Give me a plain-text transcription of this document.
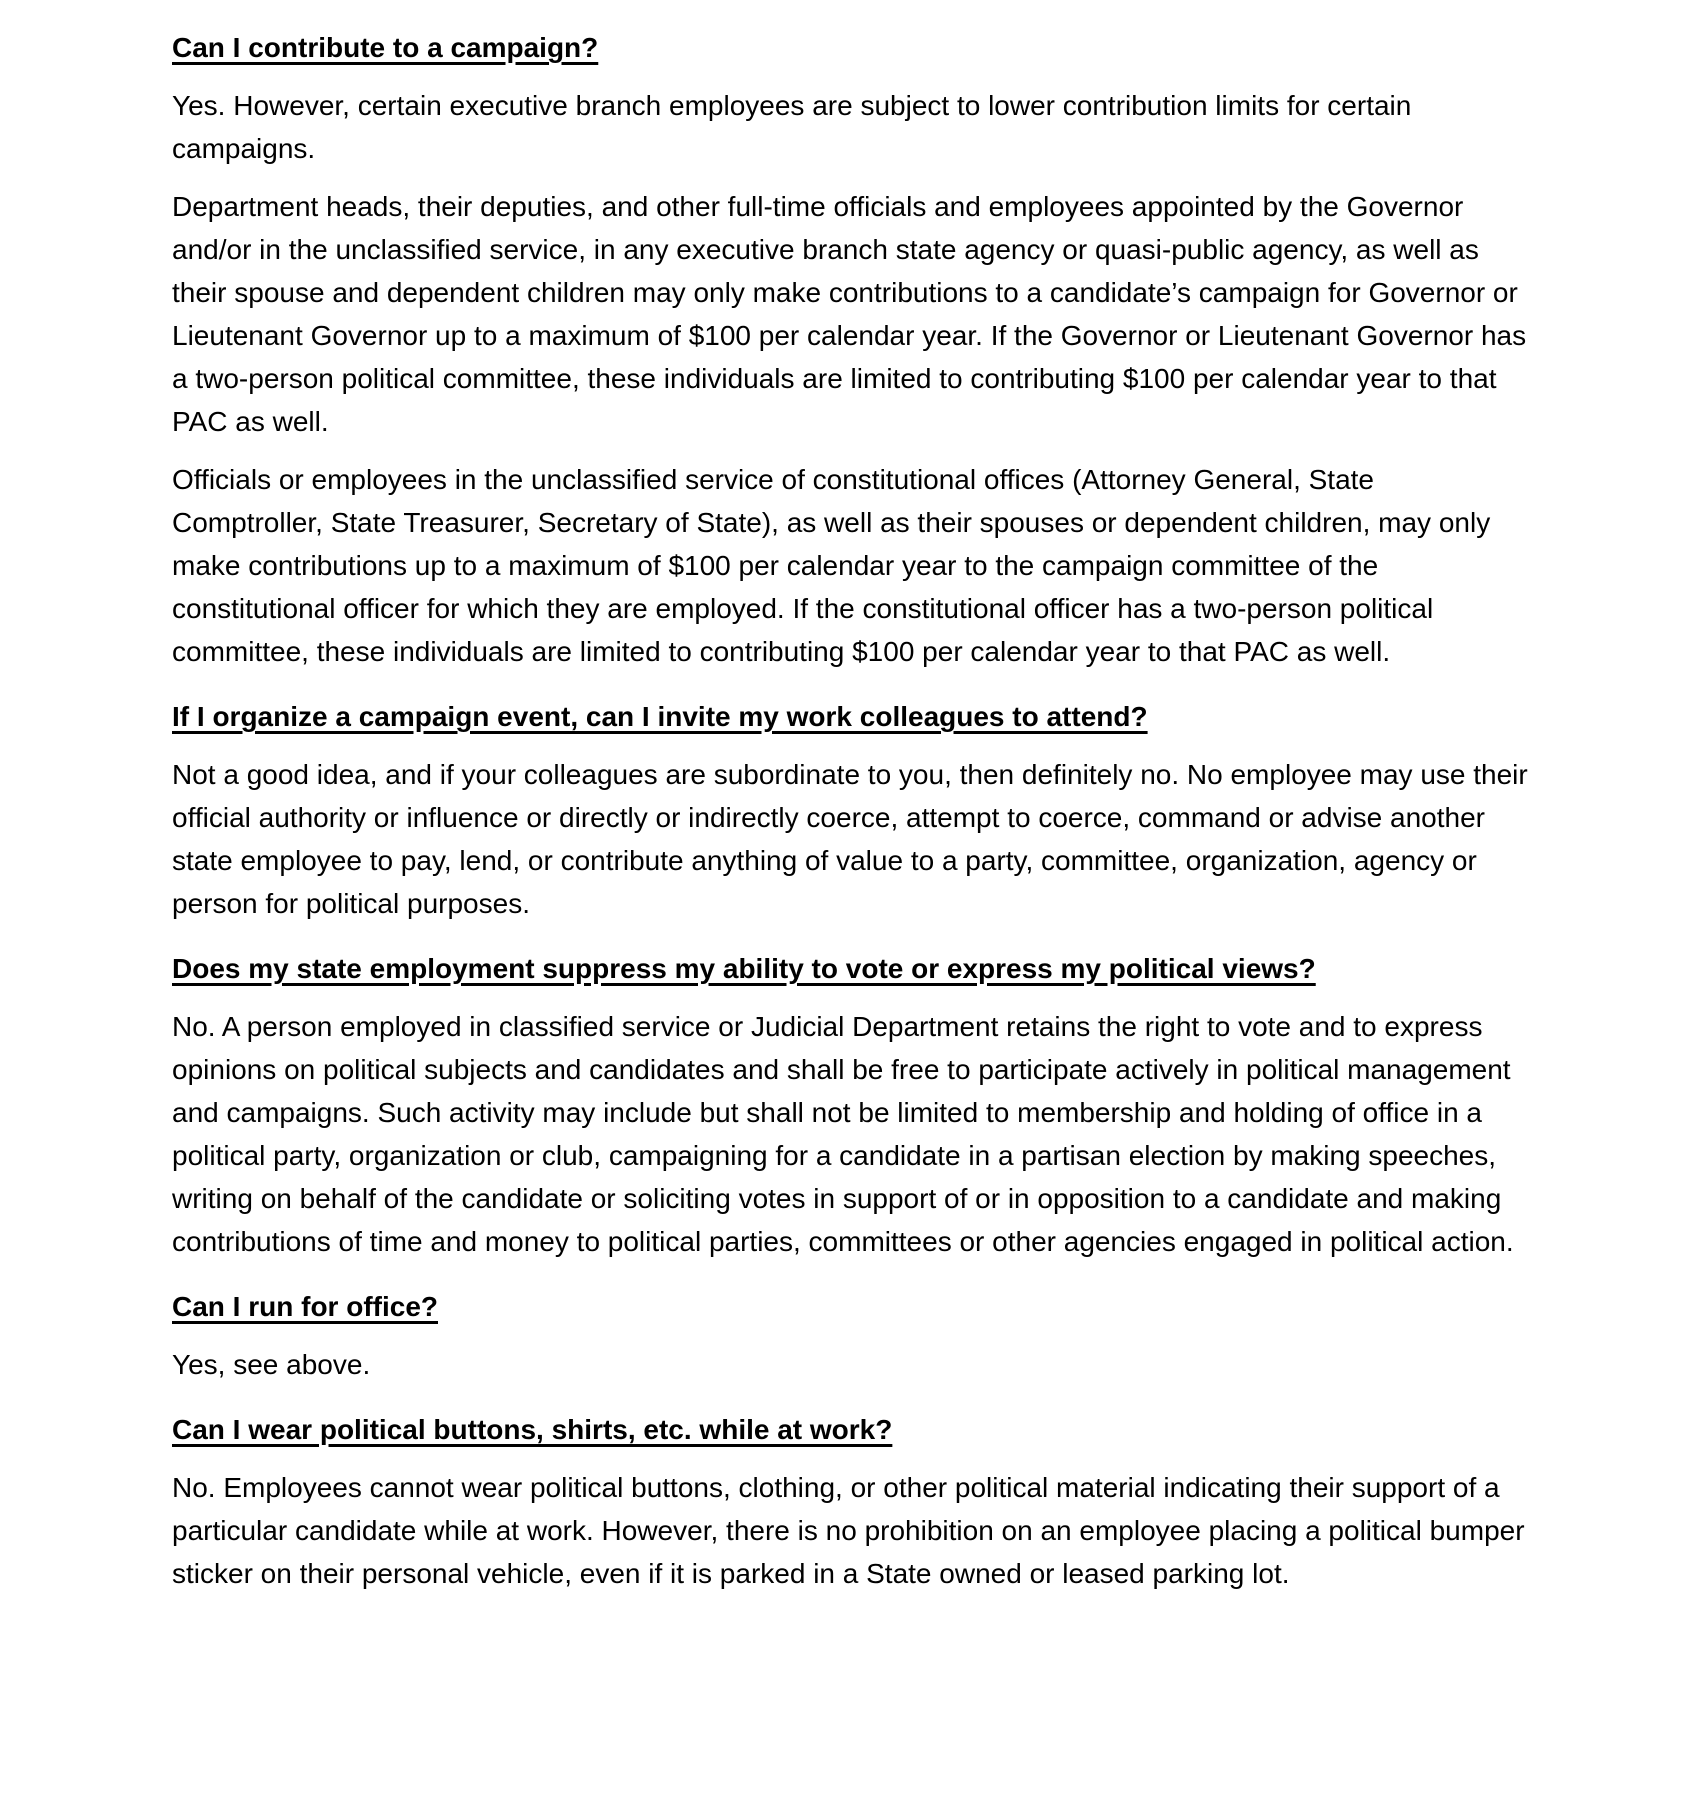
Can I contribute to a campaign?

Yes. However, certain executive branch employees are subject to lower contribution limits for certain campaigns.

Department heads, their deputies, and other full-time officials and employees appointed by the Governor and/or in the unclassified service, in any executive branch state agency or quasi-public agency, as well as their spouse and dependent children may only make contributions to a candidate’s campaign for Governor or Lieutenant Governor up to a maximum of $100 per calendar year. If the Governor or Lieutenant Governor has a two-person political committee, these individuals are limited to contributing $100 per calendar year to that PAC as well.

Officials or employees in the unclassified service of constitutional offices (Attorney General, State Comptroller, State Treasurer, Secretary of State), as well as their spouses or dependent children, may only make contributions up to a maximum of $100 per calendar year to the campaign committee of the constitutional officer for which they are employed. If the constitutional officer has a two-person political committee, these individuals are limited to contributing $100 per calendar year to that PAC as well.

If I organize a campaign event, can I invite my work colleagues to attend?

Not a good idea, and if your colleagues are subordinate to you, then definitely no. No employee may use their official authority or influence or directly or indirectly coerce, attempt to coerce, command or advise another state employee to pay, lend, or contribute anything of value to a party, committee, organization, agency or person for political purposes.

Does my state employment suppress my ability to vote or express my political views?

No. A person employed in classified service or Judicial Department retains the right to vote and to express opinions on political subjects and candidates and shall be free to participate actively in political management and campaigns. Such activity may include but shall not be limited to membership and holding of office in a political party, organization or club, campaigning for a candidate in a partisan election by making speeches, writing on behalf of the candidate or soliciting votes in support of or in opposition to a candidate and making contributions of time and money to political parties, committees or other agencies engaged in political action.

Can I run for office?

Yes, see above.

Can I wear political buttons, shirts, etc. while at work?

No. Employees cannot wear political buttons, clothing, or other political material indicating their support of a particular candidate while at work. However, there is no prohibition on an employee placing a political bumper sticker on their personal vehicle, even if it is parked in a State owned or leased parking lot.
